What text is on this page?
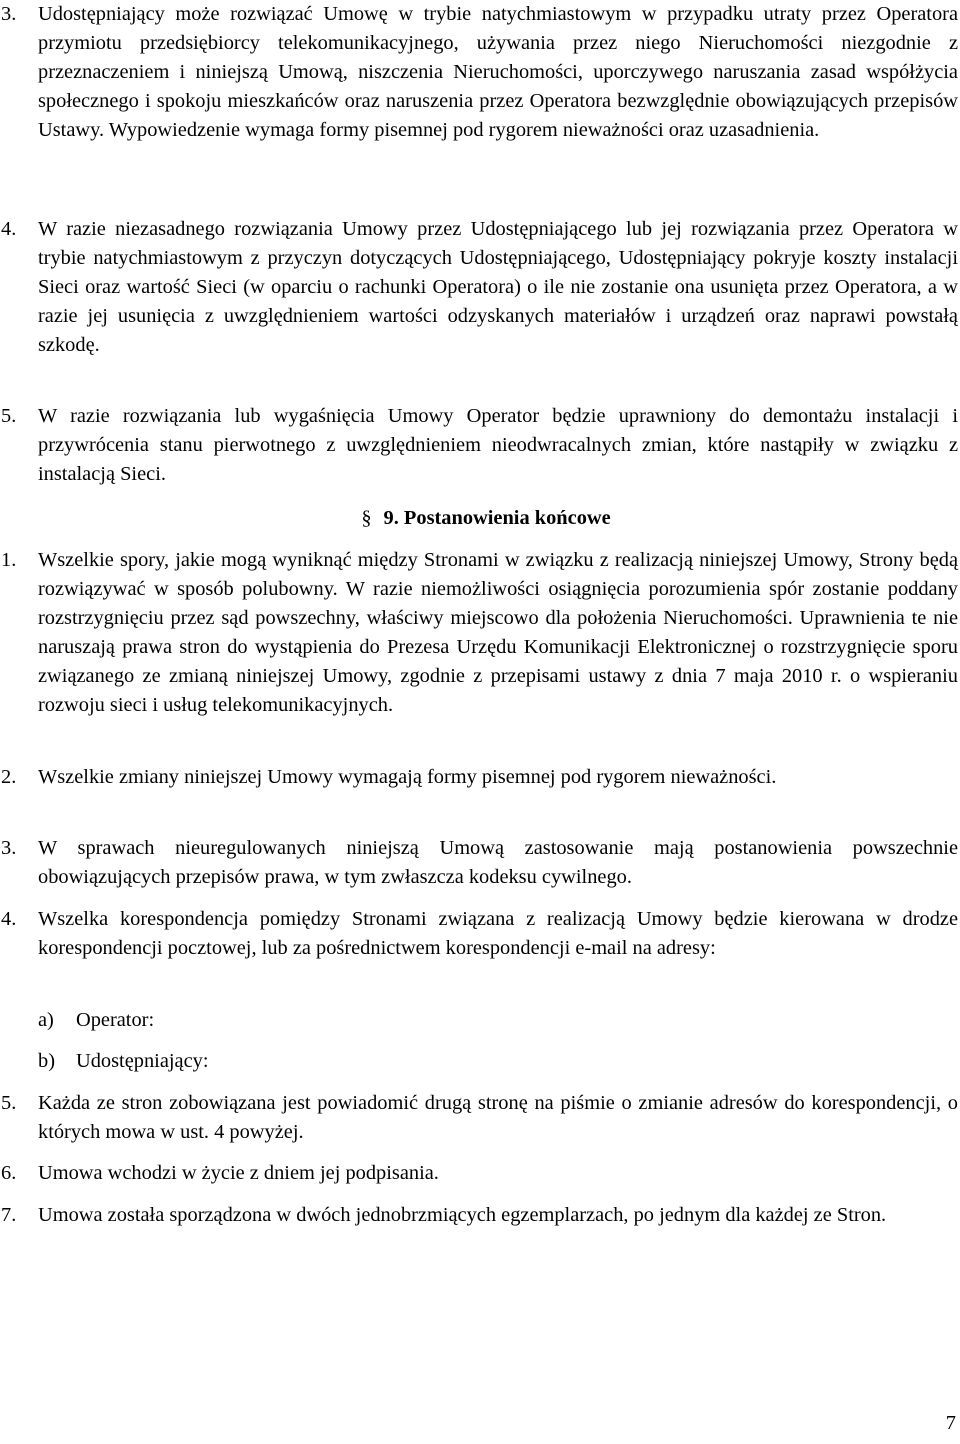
3.	Udostępniający może rozwiązać Umowę w trybie natychmiastowym w przypadku utraty przez Operatora przymiotu przedsiębiorcy telekomunikacyjnego, używania przez niego Nieruchomości niezgodnie z przeznaczeniem i niniejszą Umową, niszczenia Nieruchomości, uporczywego naruszania zasad współżycia społecznego i spokoju mieszkańców oraz naruszenia przez Operatora bezwzględnie obowiązujących przepisów Ustawy. Wypowiedzenie wymaga formy pisemnej pod rygorem nieważności oraz uzasadnienia.
4.	W razie niezasadnego rozwiązania Umowy przez Udostępniającego lub jej rozwiązania przez Operatora w trybie natychmiastowym z przyczyn dotyczących Udostępniającego, Udostępniający pokryje koszty instalacji Sieci oraz wartość Sieci (w oparciu o rachunki Operatora) o ile nie zostanie ona usunięta przez Operatora, a w razie jej usunięcia z uwzględnieniem wartości odzyskanych materiałów i urządzeń oraz naprawi powstałą szkodę.
5.	W razie rozwiązania lub wygaśnięcia Umowy Operator będzie uprawniony do demontażu instalacji i przywrócenia stanu pierwotnego z uwzględnieniem nieodwracalnych zmian, które nastąpiły w związku z instalacją Sieci.
§ 9. Postanowienia końcowe
1.	Wszelkie spory, jakie mogą wyniknąć między Stronami w związku z realizacją niniejszej Umowy, Strony będą rozwiązywać w sposób polubowny. W razie niemożliwości osiągnięcia porozumienia spór zostanie poddany rozstrzygnięciu przez sąd powszechny, właściwy miejscowo dla położenia Nieruchomości. Uprawnienia te nie naruszają prawa stron do wystąpienia do Prezesa Urzędu Komunikacji Elektronicznej o rozstrzygnięcie sporu związanego ze zmianą niniejszej Umowy, zgodnie z przepisami ustawy z dnia 7 maja 2010 r. o wspieraniu rozwoju sieci i usług telekomunikacyjnych.
2.	Wszelkie zmiany niniejszej Umowy wymagają formy pisemnej pod rygorem nieważności.
3.	W sprawach nieuregulowanych niniejszą Umową zastosowanie mają postanowienia powszechnie obowiązujących przepisów prawa, w tym zwłaszcza kodeksu cywilnego.
4.	Wszelka korespondencja pomiędzy Stronami związana z realizacją Umowy będzie kierowana w drodze korespondencji pocztowej, lub za pośrednictwem korespondencji e-mail na adresy:
a)	Operator:
b)	Udostępniający:
5.	Każda ze stron zobowiązana jest powiadomić drugą stronę na piśmie o zmianie adresów do korespondencji, o których mowa w ust. 4 powyżej.
6.	Umowa wchodzi w życie z dniem jej podpisania.
7.	Umowa została sporządzona w dwóch jednobrzmiących egzemplarzach, po jednym dla każdej ze Stron.
7
